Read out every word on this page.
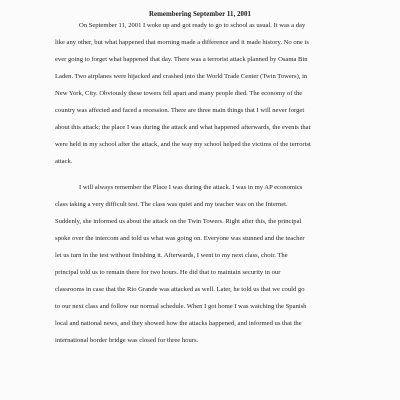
Remembering September 11, 2001
On September 11, 2001 I woke up and got ready to go to school as usual. It was a day
like any other, but what happened that morning made a difference and it made history. No one is
ever going to forget what happened that day. There was a terrorist attack planned by Osama Bin
Laden. Two airplanes were hijacked and crashed into the World Trade Center (Twin Towers), in
New York, City. Obviously these towers fell apart and many people died. The economy of the
country was affected and faced a recession. There are three main things that I will never forget
about this attack; the place I was during the attack and what happened afterwards, the events that
were held in my school after the attack, and the way my school helped the victims of the terrorist
attack.
I will always remember the Place I was during the attack. I was in my AP economics
class taking a very difficult test. The class was quiet and my teacher was on the Internet.
Suddenly, she informed us about the attack on the Twin Towers. Right after this, the principal
spoke over the intercom and told us what was going on. Everyone was stunned and the teacher
let us turn in the test without finishing it. Afterwards, I went to my next class, choir. The
principal told us to remain there for two hours. He did that to maintain security in our
classrooms in case that the Rio Grande was attacked as well. Later, he told us that we could go
to our next class and follow our normal schedule. When I got home I was watching the Spanish
local and national news, and they showed how the attacks happened, and informed us that the
international border bridge was closed for three hours.
